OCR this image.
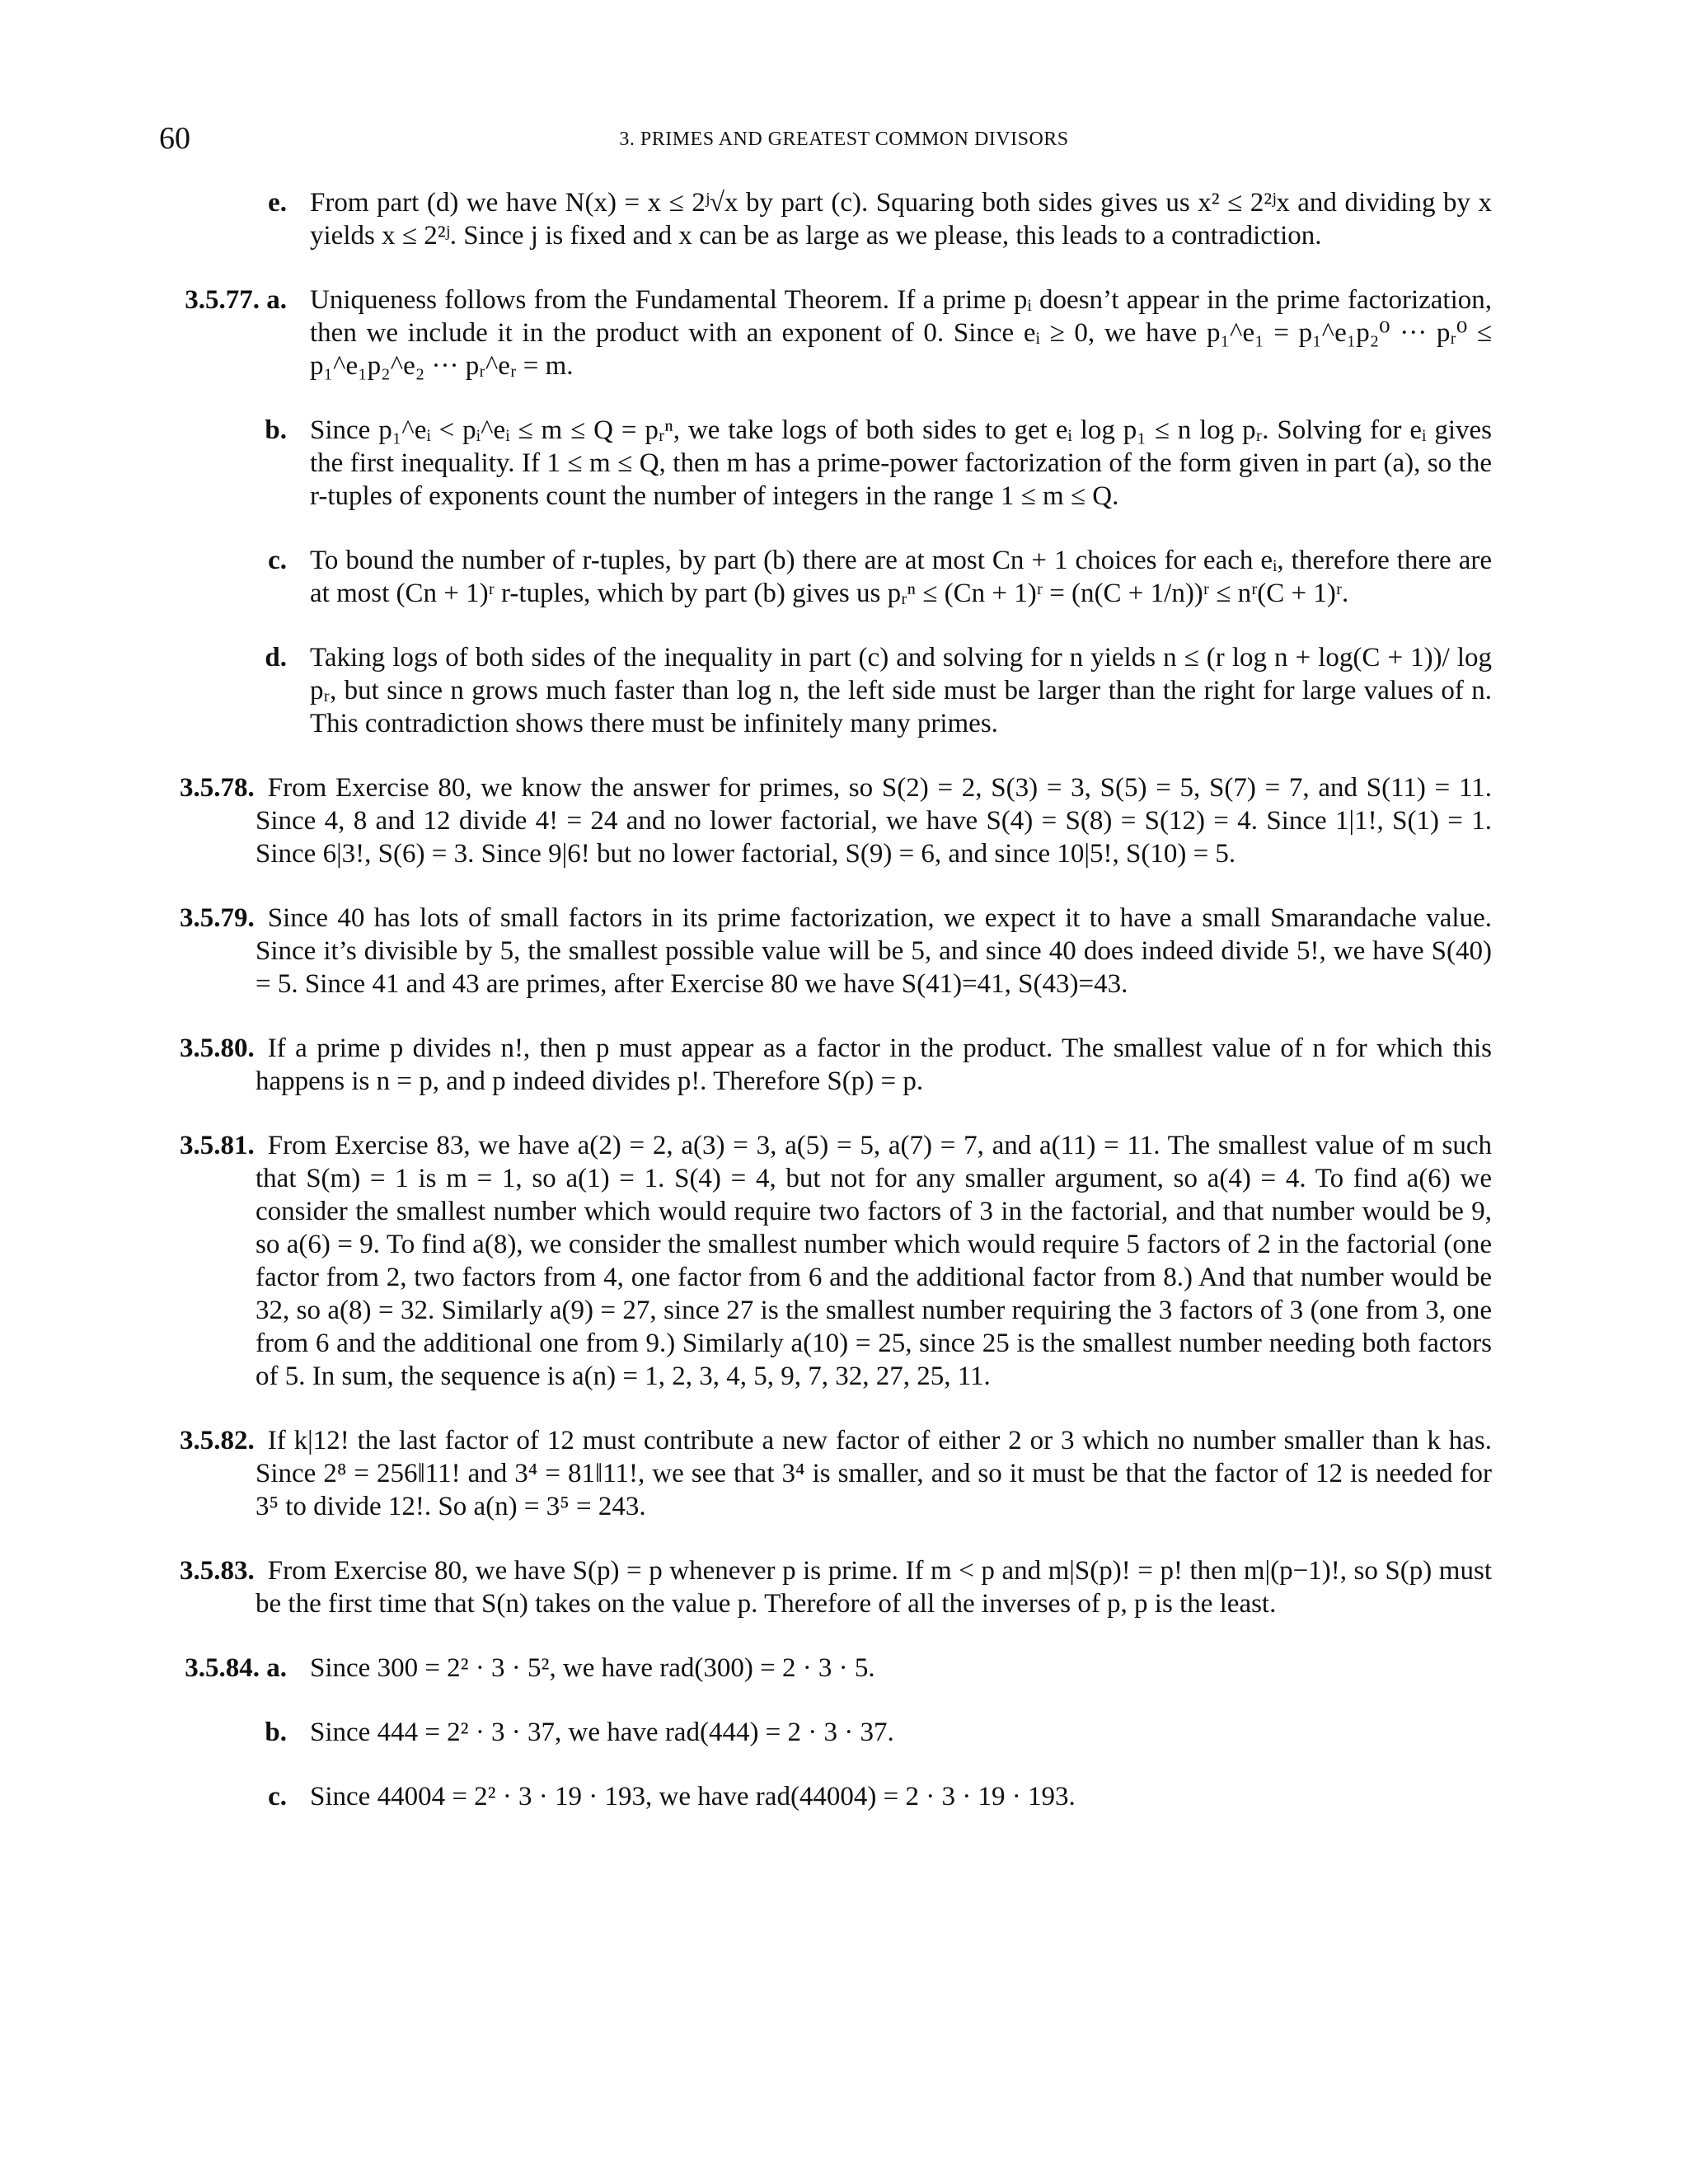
60	3. PRIMES AND GREATEST COMMON DIVISORS
e. From part (d) we have N(x) = x ≤ 2ʲ√x by part (c). Squaring both sides gives us x² ≤ 2²ʲx and dividing by x yields x ≤ 2²ʲ. Since j is fixed and x can be as large as we please, this leads to a contradiction.
3.5.77. a. Uniqueness follows from the Fundamental Theorem. If a prime pᵢ doesn’t appear in the prime factorization, then we include it in the product with an exponent of 0. Since eᵢ ≥ 0, we have p₁^e₁ = p₁^e₁p₂⁰ ··· pᵣ⁰ ≤ p₁^e₁p₂^e₂ ··· pᵣ^eᵣ = m.
b. Since p₁^eᵢ < pᵢ^eᵢ ≤ m ≤ Q = pᵣⁿ, we take logs of both sides to get eᵢ log p₁ ≤ n log pᵣ. Solving for eᵢ gives the first inequality. If 1 ≤ m ≤ Q, then m has a prime-power factorization of the form given in part (a), so the r-tuples of exponents count the number of integers in the range 1 ≤ m ≤ Q.
c. To bound the number of r-tuples, by part (b) there are at most Cn + 1 choices for each eᵢ, therefore there are at most (Cn + 1)ʳ r-tuples, which by part (b) gives us pᵣⁿ ≤ (Cn + 1)ʳ = (n(C + 1/n))ʳ ≤ nʳ(C + 1)ʳ.
d. Taking logs of both sides of the inequality in part (c) and solving for n yields n ≤ (r log n + log(C + 1))/ log pᵣ, but since n grows much faster than log n, the left side must be larger than the right for large values of n. This contradiction shows there must be infinitely many primes.
3.5.78. From Exercise 80, we know the answer for primes, so S(2) = 2, S(3) = 3, S(5) = 5, S(7) = 7, and S(11) = 11. Since 4, 8 and 12 divide 4! = 24 and no lower factorial, we have S(4) = S(8) = S(12) = 4. Since 1|1!, S(1) = 1. Since 6|3!, S(6) = 3. Since 9|6! but no lower factorial, S(9) = 6, and since 10|5!, S(10) = 5.
3.5.79. Since 40 has lots of small factors in its prime factorization, we expect it to have a small Smarandache value. Since it’s divisible by 5, the smallest possible value will be 5, and since 40 does indeed divide 5!, we have S(40) = 5. Since 41 and 43 are primes, after Exercise 80 we have S(41)=41, S(43)=43.
3.5.80. If a prime p divides n!, then p must appear as a factor in the product. The smallest value of n for which this happens is n = p, and p indeed divides p!. Therefore S(p) = p.
3.5.81. From Exercise 83, we have a(2) = 2, a(3) = 3, a(5) = 5, a(7) = 7, and a(11) = 11. The smallest value of m such that S(m) = 1 is m = 1, so a(1) = 1. S(4) = 4, but not for any smaller argument, so a(4) = 4. To find a(6) we consider the smallest number which would require two factors of 3 in the factorial, and that number would be 9, so a(6) = 9. To find a(8), we consider the smallest number which would require 5 factors of 2 in the factorial (one factor from 2, two factors from 4, one factor from 6 and the additional factor from 8.) And that number would be 32, so a(8) = 32. Similarly a(9) = 27, since 27 is the smallest number requiring the 3 factors of 3 (one from 3, one from 6 and the additional one from 9.) Similarly a(10) = 25, since 25 is the smallest number needing both factors of 5. In sum, the sequence is a(n) = 1, 2, 3, 4, 5, 9, 7, 32, 27, 25, 11.
3.5.82. If k|12! the last factor of 12 must contribute a new factor of either 2 or 3 which no number smaller than k has. Since 2⁸ = 256‖11! and 3⁴ = 81‖11!, we see that 3⁴ is smaller, and so it must be that the factor of 12 is needed for 3⁵ to divide 12!. So a(n) = 3⁵ = 243.
3.5.83. From Exercise 80, we have S(p) = p whenever p is prime. If m < p and m|S(p)! = p! then m|(p−1)!, so S(p) must be the first time that S(n) takes on the value p. Therefore of all the inverses of p, p is the least.
3.5.84. a. Since 300 = 2² · 3 · 5², we have rad(300) = 2 · 3 · 5.
b. Since 444 = 2² · 3 · 37, we have rad(444) = 2 · 3 · 37.
c. Since 44004 = 2² · 3 · 19 · 193, we have rad(44004) = 2 · 3 · 19 · 193.
